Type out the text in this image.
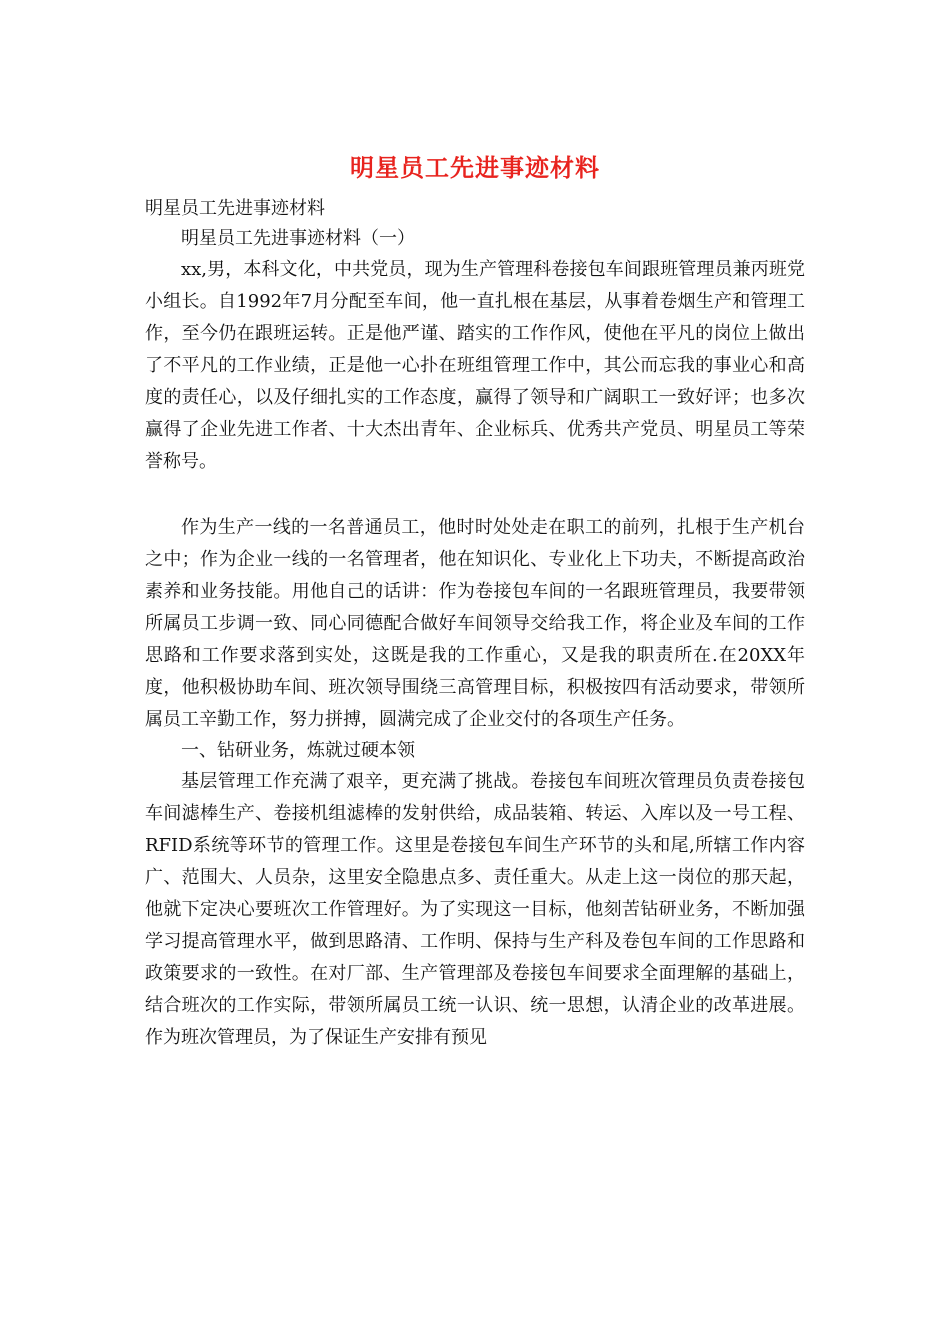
明星员工先进事迹材料

明星员工先进事迹材料

明星员工先进事迹材料（一）

xx,男，本科文化，中共党员，现为生产管理科卷接包车间跟班管理员兼丙班党小组长。自1992年7月分配至车间，他一直扎根在基层，从事着卷烟生产和管理工作，至今仍在跟班运转。正是他严谨、踏实的工作作风，使他在平凡的岗位上做出了不平凡的工作业绩，正是他一心扑在班组管理工作中，其公而忘我的事业心和高度的责任心，以及仔细扎实的工作态度，赢得了领导和广阔职工一致好评；也多次赢得了企业先进工作者、十大杰出青年、企业标兵、优秀共产党员、明星员工等荣誉称号。

作为生产一线的一名普通员工，他时时处处走在职工的前列，扎根于生产机台之中；作为企业一线的一名管理者，他在知识化、专业化上下功夫，不断提高政治素养和业务技能。用他自己的话讲：作为卷接包车间的一名跟班管理员，我要带领所属员工步调一致、同心同德配合做好车间领导交给我工作，将企业及车间的工作思路和工作要求落到实处，这既是我的工作重心，又是我的职责所在.在20XX年度，他积极协助车间、班次领导围绕三高管理目标，积极按四有活动要求，带领所属员工辛勤工作，努力拼搏，圆满完成了企业交付的各项生产任务。

一、钻研业务，炼就过硬本领

基层管理工作充满了艰辛，更充满了挑战。卷接包车间班次管理员负责卷接包车间滤棒生产、卷接机组滤棒的发射供给，成品装箱、转运、入库以及一号工程、RFID系统等环节的管理工作。这里是卷接包车间生产环节的头和尾,所辖工作内容广、范围大、人员杂，这里安全隐患点多、责任重大。从走上这一岗位的那天起，他就下定决心要班次工作管理好。为了实现这一目标，他刻苦钻研业务，不断加强学习提高管理水平，做到思路清、工作明、保持与生产科及卷包车间的工作思路和政策要求的一致性。在对厂部、生产管理部及卷接包车间要求全面理解的基础上，结合班次的工作实际，带领所属员工统一认识、统一思想，认清企业的改革进展。作为班次管理员，为了保证生产安排有预见
